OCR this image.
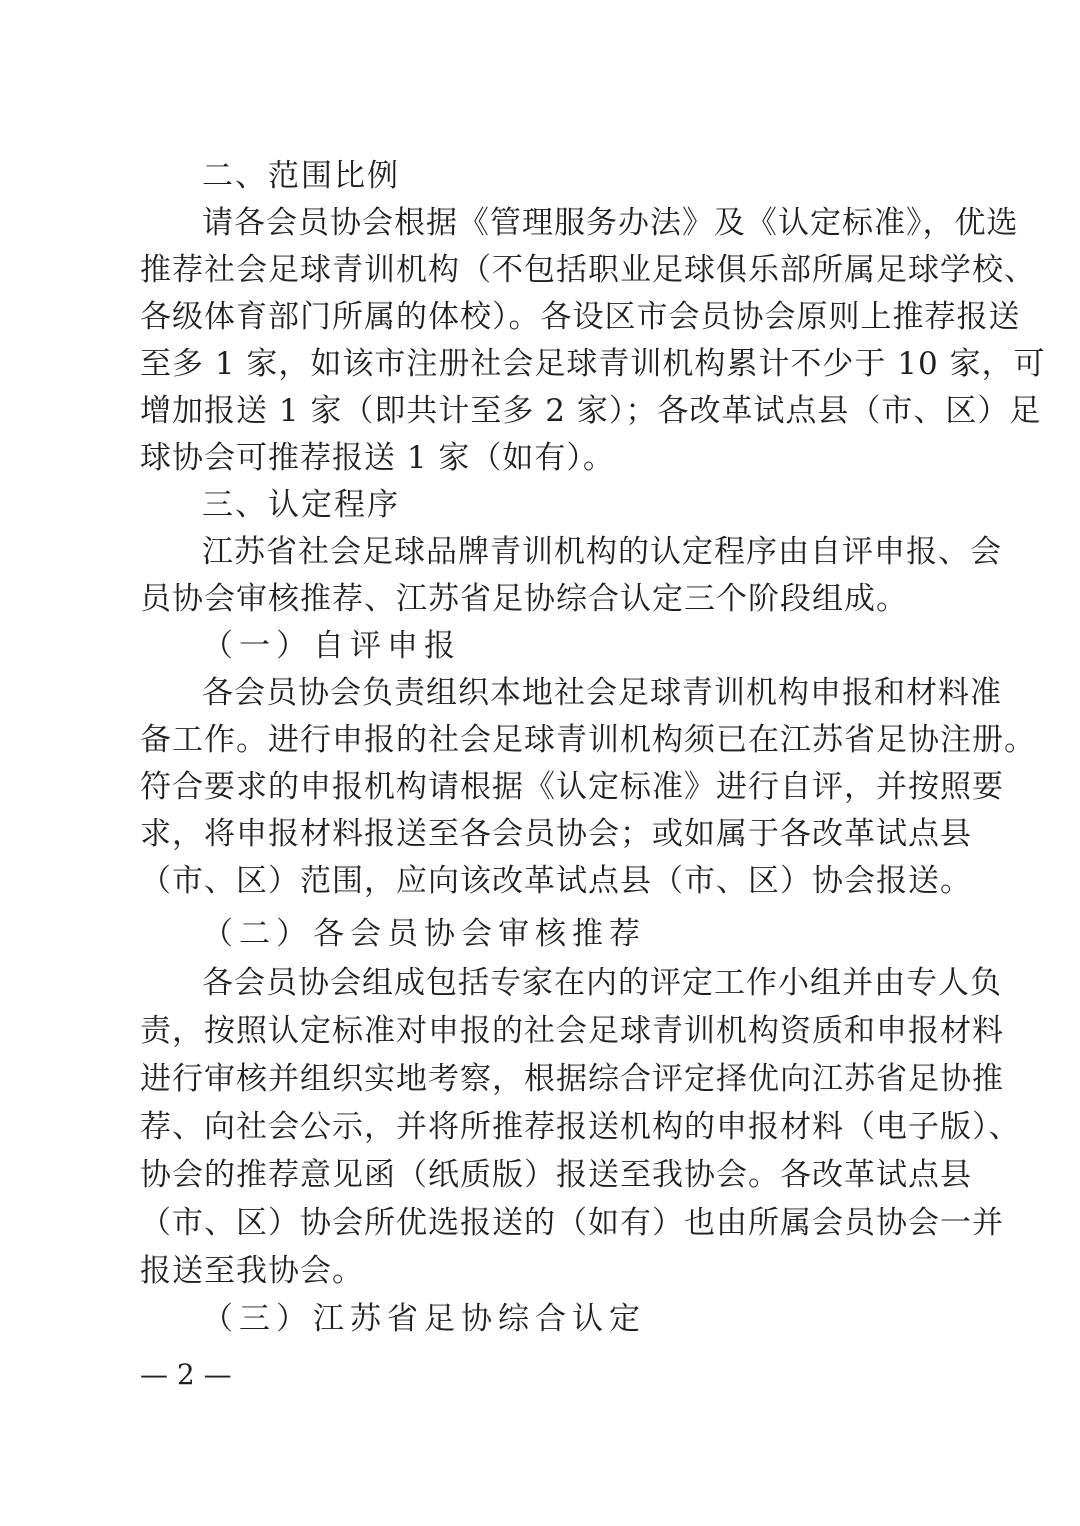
二、范围比例
请各会员协会根据《管理服务办法》及《认定标准》，优选
推荐社会足球青训机构（不包括职业足球俱乐部所属足球学校、
各级体育部门所属的体校）。各设区市会员协会原则上推荐报送
至多 1 家，如该市注册社会足球青训机构累计不少于 10 家，可
增加报送 1 家（即共计至多 2 家）；各改革试点县（市、区）足
球协会可推荐报送 1 家（如有）。
三、认定程序
江苏省社会足球品牌青训机构的认定程序由自评申报、会
员协会审核推荐、江苏省足协综合认定三个阶段组成。
（一）自评申报
各会员协会负责组织本地社会足球青训机构申报和材料准
备工作。进行申报的社会足球青训机构须已在江苏省足协注册。
符合要求的申报机构请根据《认定标准》进行自评，并按照要
求，将申报材料报送至各会员协会；或如属于各改革试点县
（市、区）范围，应向该改革试点县（市、区）协会报送。
（二）各会员协会审核推荐
各会员协会组成包括专家在内的评定工作小组并由专人负
责，按照认定标准对申报的社会足球青训机构资质和申报材料
进行审核并组织实地考察，根据综合评定择优向江苏省足协推
荐、向社会公示，并将所推荐报送机构的申报材料（电子版）、
协会的推荐意见函（纸质版）报送至我协会。各改革试点县
（市、区）协会所优选报送的（如有）也由所属会员协会一并
报送至我协会。
（三）江苏省足协综合认定
— 2 —
